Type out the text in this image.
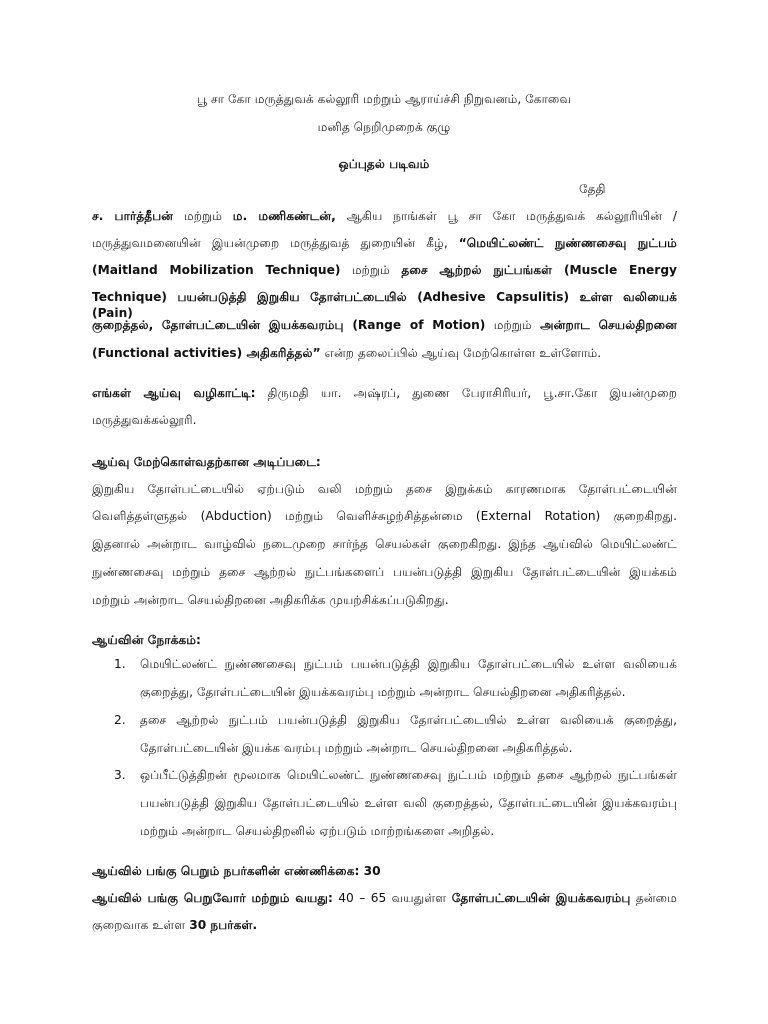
பூ சா கோ மருத்துவக் கல்லூரி மற்றும் ஆராய்ச்சி நிறுவனம், கோவை
மனித நெறிமுறைக் குழு
ஒப்புதல் படிவம்
தேதி
ச. பார்த்தீபன் மற்றும் ம. மணிகண்டன், ஆகிய நாங்கள் பூ சா கோ மருத்துவக் கல்லூரியின் /
மருத்துவமனையின் இயன்முறை மருத்துவத் துறையின் கீழ், “மெயிட்லண்ட் நுண்ணசைவு நுட்பம்
(Maitland Mobilization Technique) மற்றும் தசை ஆற்றல் நுட்பங்கள் (Muscle Energy
Technique) பயன்படுத்தி இறுகிய தோள்பட்டையில் (Adhesive Capsulitis) உள்ள வலியைக் (Pain)
குறைத்தல், தோள்பட்டையின் இயக்கவரம்பு (Range of Motion) மற்றும் அன்றாட செயல்திறனை
(Functional activities) அதிகரித்தல்” என்ற தலைப்பில் ஆய்வு மேற்கொள்ள உள்ளோம்.
எங்கள் ஆய்வு வழிகாட்டி: திருமதி யா. அஷ்ரப், துணை பேராசிரியர், பூ.சா.கோ இயன்முறை
மருத்துவக்கல்லூரி.
ஆய்வு மேற்கொள்வதற்கான அடிப்படை:
இறுகிய தோள்பட்டையில் ஏற்படும் வலி மற்றும் தசை இறுக்கம் காரணமாக தோள்பட்டையின்
வெளித்தள்ளுதல் (Abduction) மற்றும் வெளிச்சுழற்சித்தன்மை (External Rotation) குறைகிறது.
இதனால் அன்றாட வாழ்வில் நடைமுறை சார்ந்த செயல்கள் குறைகிறது. இந்த ஆய்வில் மெயிட்லண்ட்
நுண்ணசைவு மற்றும் தசை ஆற்றல் நுட்பங்களைப் பயன்படுத்தி இறுகிய தோள்பட்டையின் இயக்கம்
மற்றும் அன்றாட செயல்திறனை அதிகரிக்க முயற்சிக்கப்படுகிறது.
ஆய்வின் நோக்கம்:
1. மெயிட்லண்ட் நுண்ணசைவு நுட்பம் பயன்படுத்தி இறுகிய தோள்பட்டையில் உள்ள வலியைக்
குறைத்து, தோள்பட்டையின் இயக்கவரம்பு மற்றும் அன்றாட செயல்திறனை அதிகரித்தல்.
2. தசை ஆற்றல் நுட்பம் பயன்படுத்தி இறுகிய தோள்பட்டையில் உள்ள வலியைக் குறைத்து,
தோள்பட்டையின் இயக்க வரம்பு மற்றும் அன்றாட செயல்திறனை அதிகரித்தல்.
3. ஒப்பீட்டுத்திறன் மூலமாக மெயிட்லண்ட் நுண்ணசைவு நுட்பம் மற்றும் தசை ஆற்றல் நுட்பங்கள்
பயன்படுத்தி இறுகிய தோள்பட்டையில் உள்ள வலி குறைத்தல், தோள்பட்டையின் இயக்கவரம்பு
மற்றும் அன்றாட செயல்திறனில் ஏற்படும் மாற்றங்களை அறிதல்.
ஆய்வில் பங்கு பெறும் நபர்களின் எண்ணிக்கை: 30
ஆய்வில் பங்கு பெறுவோர் மற்றும் வயது: 40 – 65 வயதுள்ள தோள்பட்டையின் இயக்கவரம்பு தன்மை
குறைவாக உள்ள 30 நபர்கள்.
